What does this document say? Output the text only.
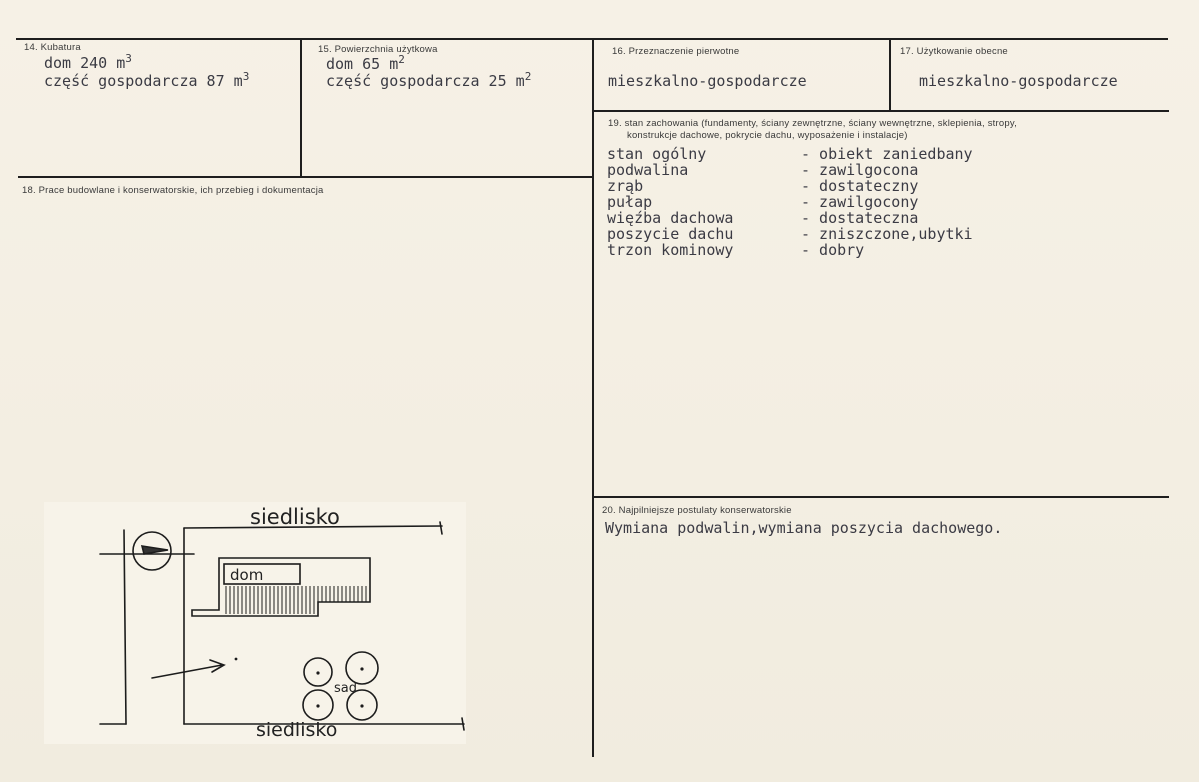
14. Kubatura
dom 240 $m^3$
część gospodarcza 87 $m^3$
15. Powierzchnia użytkowa
dom 65 $m^2$
część gospodarcza 25 $m^2$
16. Przeznaczenie pierwotne
mieszkalno-gospodarcze
17. Użytkowanie obecne
mieszkalno-gospodarcze
18. Prace budowlane i konserwatorskie, ich przebieg i dokumentacja
19. stan zachowania (fundamenty, ściany zewnętrzne, ściany wewnętrzne, sklepienia, stropy,
konstrukcje dachowe, pokrycie dachu, wyposażenie i instalacje)

stan ogólny	- obiekt zaniedbany

podwalina	- zawilgocona

zrąb	- dostateczny

pułap	- zawilgocony

więźba dachowa	- dostateczna

poszycie dachu	- zniszczone,ubytki

trzon kominowy	- dobry

20. Najpilniejsze postulaty konserwatorskie
Wymiana podwalin,wymiana poszycia dachowego.
siedlisko
dom
sad
siedlisko
